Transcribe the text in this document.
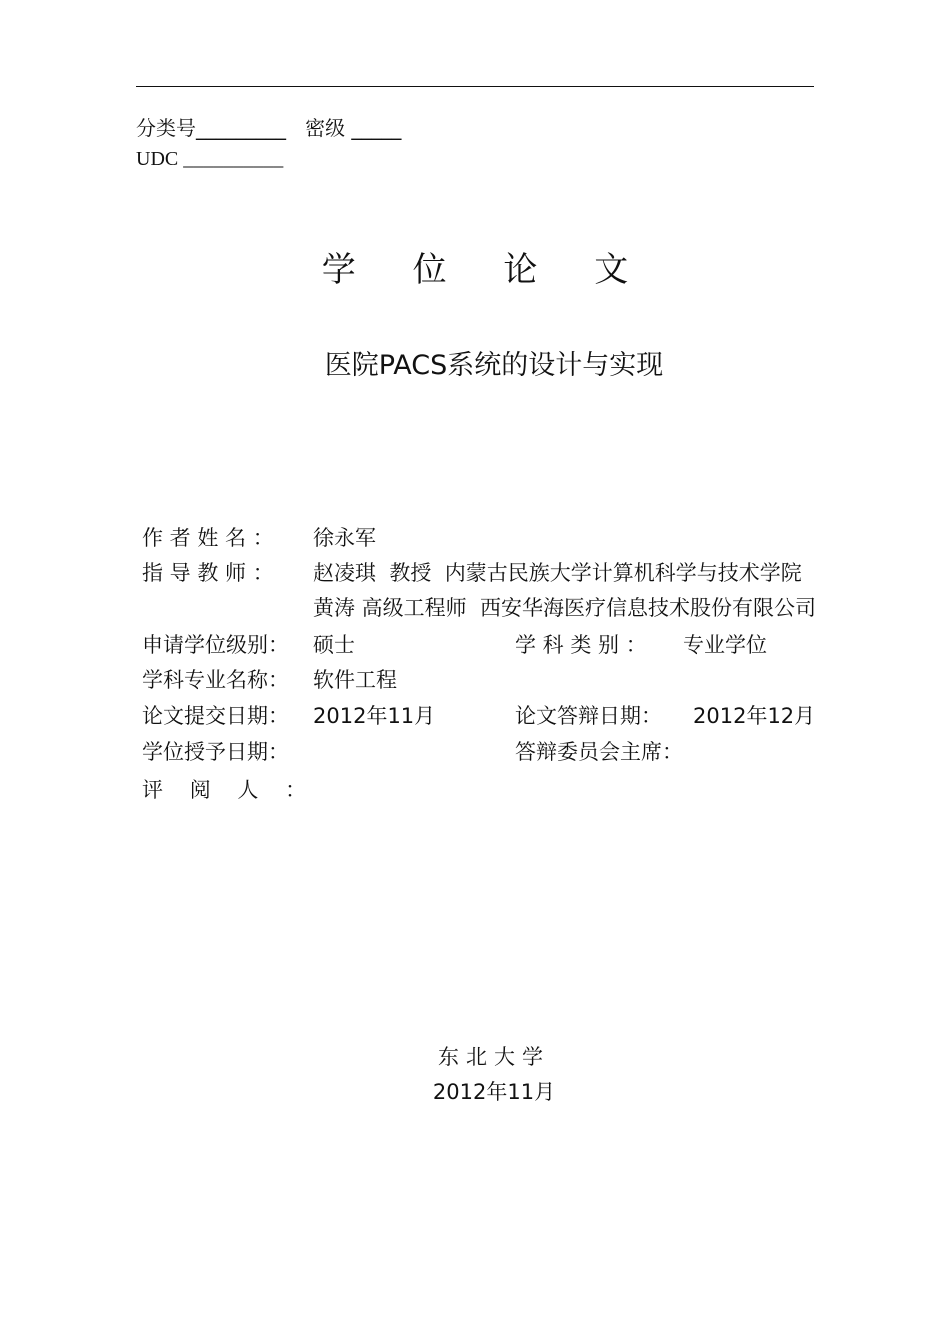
分类号_________   密级 _____
UDC __________
学 位 论 文
医院PACS系统的设计与实现
作 者 姓 名 ： 徐永军
指 导 教 师 ： 赵凌琪  教授  内蒙古民族大学计算机科学与技术学院
黄涛 高级工程师  西安华海医疗信息技术股份有限公司
申请学位级别： 硕士	学 科 类 别 ： 专业学位
学科专业名称： 软件工程
论文提交日期： 2012年11月	论文答辩日期： 2012年12月
学位授予日期：	答辩委员会主席：
评    阅    人    ：
东北大学
2012年11月
